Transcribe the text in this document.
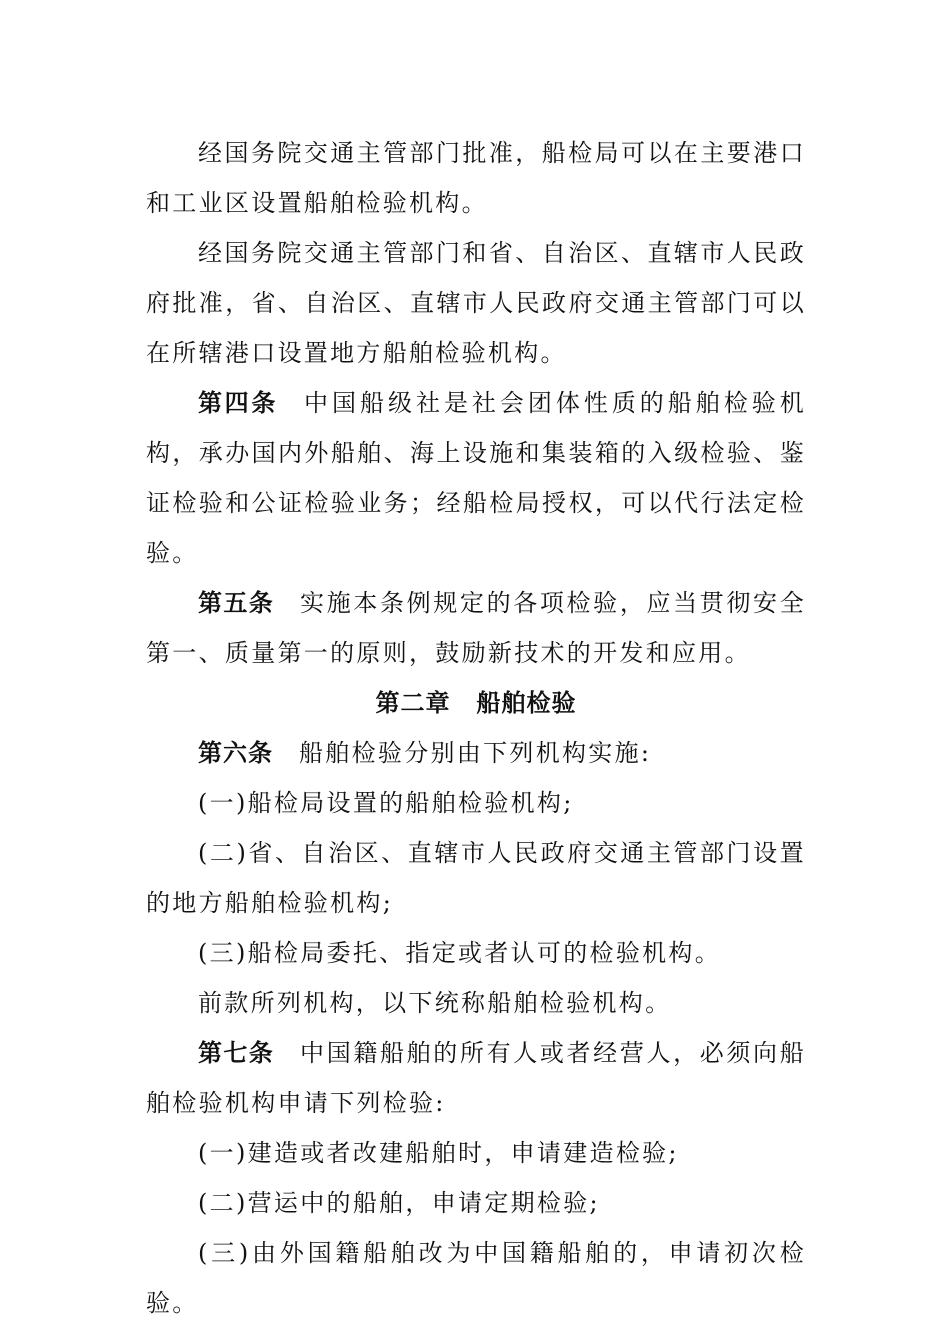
经国务院交通主管部门批准，船检局可以在主要港口和工业区设置船舶检验机构。

经国务院交通主管部门和省、自治区、直辖市人民政府批准，省、自治区、直辖市人民政府交通主管部门可以在所辖港口设置地方船舶检验机构。

第四条 中国船级社是社会团体性质的船舶检验机构，承办国内外船舶、海上设施和集装箱的入级检验、鉴证检验和公证检验业务；经船检局授权，可以代行法定检验。

第五条 实施本条例规定的各项检验，应当贯彻安全第一、质量第一的原则，鼓励新技术的开发和应用。

第二章 船舶检验

第六条 船舶检验分别由下列机构实施:

(一)船检局设置的船舶检验机构;

(二)省、自治区、直辖市人民政府交通主管部门设置的地方船舶检验机构;

(三)船检局委托、指定或者认可的检验机构。

前款所列机构，以下统称船舶检验机构。

第七条 中国籍船舶的所有人或者经营人，必须向船舶检验机构申请下列检验:

(一)建造或者改建船舶时，申请建造检验;

(二)营运中的船舶，申请定期检验;

(三)由外国籍船舶改为中国籍船舶的，申请初次检验。
